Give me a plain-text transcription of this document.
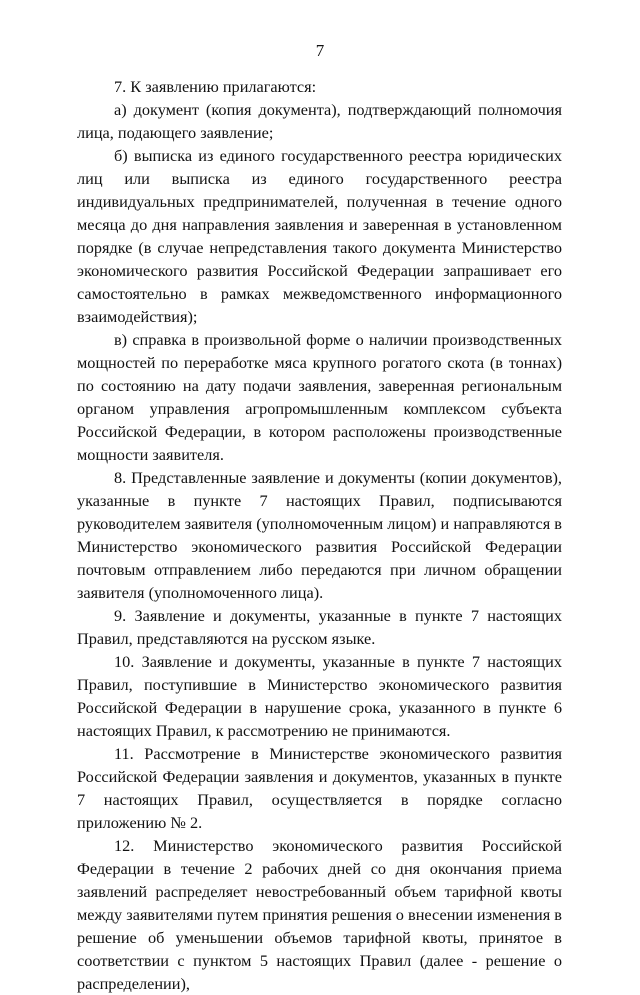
7

7. К заявлению прилагаются:

а) документ (копия документа), подтверждающий полномочия лица, подающего заявление;

б) выписка из единого государственного реестра юридических лиц или выписка из единого государственного реестра индивидуальных предпринимателей, полученная в течение одного месяца до дня направления заявления и заверенная в установленном порядке (в случае непредставления такого документа Министерство экономического развития Российской Федерации запрашивает его самостоятельно в рамках межведомственного информационного взаимодействия);

в) справка в произвольной форме о наличии производственных мощностей по переработке мяса крупного рогатого скота (в тоннах) по состоянию на дату подачи заявления, заверенная региональным органом управления агропромышленным комплексом субъекта Российской Федерации, в котором расположены производственные мощности заявителя.

8. Представленные заявление и документы (копии документов), указанные в пункте 7 настоящих Правил, подписываются руководителем заявителя (уполномоченным лицом) и направляются в Министерство экономического развития Российской Федерации почтовым отправлением либо передаются при личном обращении заявителя (уполномоченного лица).

9. Заявление и документы, указанные в пункте 7 настоящих Правил, представляются на русском языке.

10. Заявление и документы, указанные в пункте 7 настоящих Правил, поступившие в Министерство экономического развития Российской Федерации в нарушение срока, указанного в пункте 6 настоящих Правил, к рассмотрению не принимаются.

11. Рассмотрение в Министерстве экономического развития Российской Федерации заявления и документов, указанных в пункте 7 настоящих Правил, осуществляется в порядке согласно приложению № 2.

12. Министерство экономического развития Российской Федерации в течение 2 рабочих дней со дня окончания приема заявлений распределяет невостребованный объем тарифной квоты между заявителями путем принятия решения о внесении изменения в решение об уменьшении объемов тарифной квоты, принятое в соответствии с пунктом 5 настоящих Правил (далее - решение о распределении),
